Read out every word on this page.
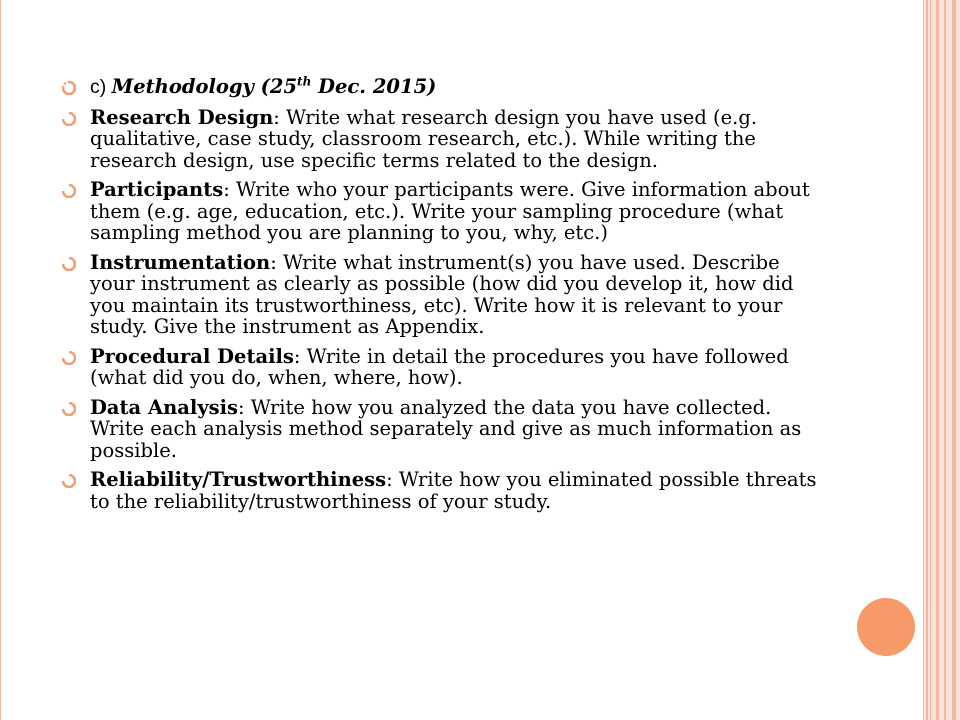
c) Methodology (25th Dec. 2015)
Research Design: Write what research design you have used (e.g. qualitative, case study, classroom research, etc.). While writing the research design, use specific terms related to the design.
Participants: Write who your participants were. Give information about them (e.g. age, education, etc.). Write your sampling procedure (what sampling method you are planning to you, why, etc.)
Instrumentation: Write what instrument(s) you have used. Describe your instrument as clearly as possible (how did you develop it, how did you maintain its trustworthiness, etc). Write how it is relevant to your study. Give the instrument as Appendix.
Procedural Details: Write in detail the procedures you have followed (what did you do, when, where, how).
Data Analysis: Write how you analyzed the data you have collected. Write each analysis method separately and give as much information as possible.
Reliability/Trustworthiness: Write how you eliminated possible threats to the reliability/trustworthiness of your study.
